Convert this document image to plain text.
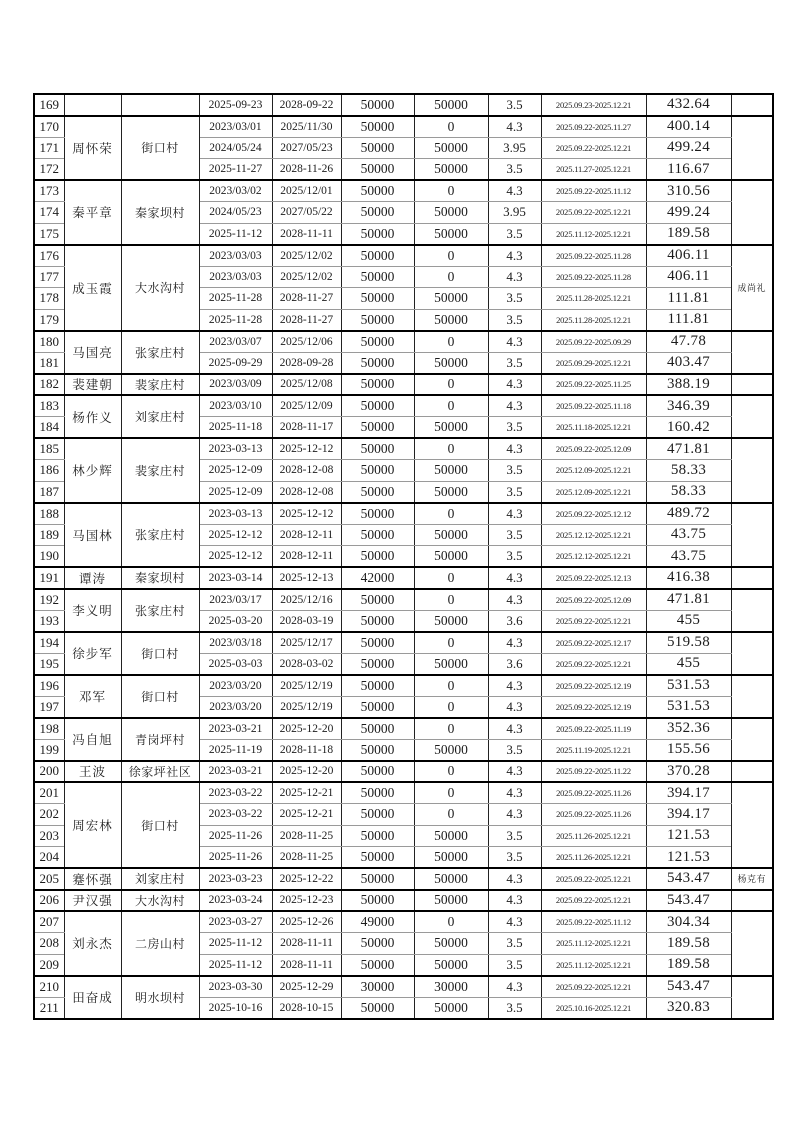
169			2025-09-23	2028-09-22	50000	50000	3.5	2025.09.23-2025.12.21	432.64	
170	周怀荣	街口村	2023/03/01	2025/11/30	50000	0	4.3	2025.09.22-2025.11.27	400.14	
171			2024/05/24	2027/05/23	50000	50000	3.95	2025.09.22-2025.12.21	499.24	
172			2025-11-27	2028-11-26	50000	50000	3.5	2025.11.27-2025.12.21	116.67	
173	秦平章	秦家坝村	2023/03/02	2025/12/01	50000	0	4.3	2025.09.22-2025.11.12	310.56	
174			2024/05/23	2027/05/22	50000	50000	3.95	2025.09.22-2025.12.21	499.24	
175			2025-11-12	2028-11-11	50000	50000	3.5	2025.11.12-2025.12.21	189.58	
176	成玉霞	大水沟村	2023/03/03	2025/12/02	50000	0	4.3	2025.09.22-2025.11.28	406.11	成尚礼
177			2023/03/03	2025/12/02	50000	0	4.3	2025.09.22-2025.11.28	406.11	
178			2025-11-28	2028-11-27	50000	50000	3.5	2025.11.28-2025.12.21	111.81	
179			2025-11-28	2028-11-27	50000	50000	3.5	2025.11.28-2025.12.21	111.81	
180	马国亮	张家庄村	2023/03/07	2025/12/06	50000	0	4.3	2025.09.22-2025.09.29	47.78	
181			2025-09-29	2028-09-28	50000	50000	3.5	2025.09.29-2025.12.21	403.47	
182	裴建朝	裴家庄村	2023/03/09	2025/12/08	50000	0	4.3	2025.09.22-2025.11.25	388.19	
183	杨作义	刘家庄村	2023/03/10	2025/12/09	50000	0	4.3	2025.09.22-2025.11.18	346.39	
184			2025-11-18	2028-11-17	50000	50000	3.5	2025.11.18-2025.12.21	160.42	
185	林少辉	裴家庄村	2023-03-13	2025-12-12	50000	0	4.3	2025.09.22-2025.12.09	471.81	
186			2025-12-09	2028-12-08	50000	50000	3.5	2025.12.09-2025.12.21	58.33	
187			2025-12-09	2028-12-08	50000	50000	3.5	2025.12.09-2025.12.21	58.33	
188	马国林	张家庄村	2023-03-13	2025-12-12	50000	0	4.3	2025.09.22-2025.12.12	489.72	
189			2025-12-12	2028-12-11	50000	50000	3.5	2025.12.12-2025.12.21	43.75	
190			2025-12-12	2028-12-11	50000	50000	3.5	2025.12.12-2025.12.21	43.75	
191	谭涛	秦家坝村	2023-03-14	2025-12-13	42000	0	4.3	2025.09.22-2025.12.13	416.38	
192	李义明	张家庄村	2023/03/17	2025/12/16	50000	0	4.3	2025.09.22-2025.12.09	471.81	
193			2025-03-20	2028-03-19	50000	50000	3.6	2025.09.22-2025.12.21	455	
194	徐步军	街口村	2023/03/18	2025/12/17	50000	0	4.3	2025.09.22-2025.12.17	519.58	
195			2025-03-03	2028-03-02	50000	50000	3.6	2025.09.22-2025.12.21	455	
196	邓军	街口村	2023/03/20	2025/12/19	50000	0	4.3	2025.09.22-2025.12.19	531.53	
197			2023/03/20	2025/12/19	50000	0	4.3	2025.09.22-2025.12.19	531.53	
198	冯自旭	青岗坪村	2023-03-21	2025-12-20	50000	0	4.3	2025.09.22-2025.11.19	352.36	
199			2025-11-19	2028-11-18	50000	50000	3.5	2025.11.19-2025.12.21	155.56	
200	王波	徐家坪社区	2023-03-21	2025-12-20	50000	0	4.3	2025.09.22-2025.11.22	370.28	
201	周宏林	街口村	2023-03-22	2025-12-21	50000	0	4.3	2025.09.22-2025.11.26	394.17	
202			2023-03-22	2025-12-21	50000	0	4.3	2025.09.22-2025.11.26	394.17	
203			2025-11-26	2028-11-25	50000	50000	3.5	2025.11.26-2025.12.21	121.53	
204			2025-11-26	2028-11-25	50000	50000	3.5	2025.11.26-2025.12.21	121.53	
205	蹇怀强	刘家庄村	2023-03-23	2025-12-22	50000	50000	4.3	2025.09.22-2025.12.21	543.47	杨克有
206	尹汉强	大水沟村	2023-03-24	2025-12-23	50000	50000	4.3	2025.09.22-2025.12.21	543.47	
207	刘永杰	二房山村	2023-03-27	2025-12-26	49000	0	4.3	2025.09.22-2025.11.12	304.34	
208			2025-11-12	2028-11-11	50000	50000	3.5	2025.11.12-2025.12.21	189.58	
209			2025-11-12	2028-11-11	50000	50000	3.5	2025.11.12-2025.12.21	189.58	
210	田奋成	明水坝村	2023-03-30	2025-12-29	30000	30000	4.3	2025.09.22-2025.12.21	543.47	
211			2025-10-16	2028-10-15	50000	50000	3.5	2025.10.16-2025.12.21	320.83	
